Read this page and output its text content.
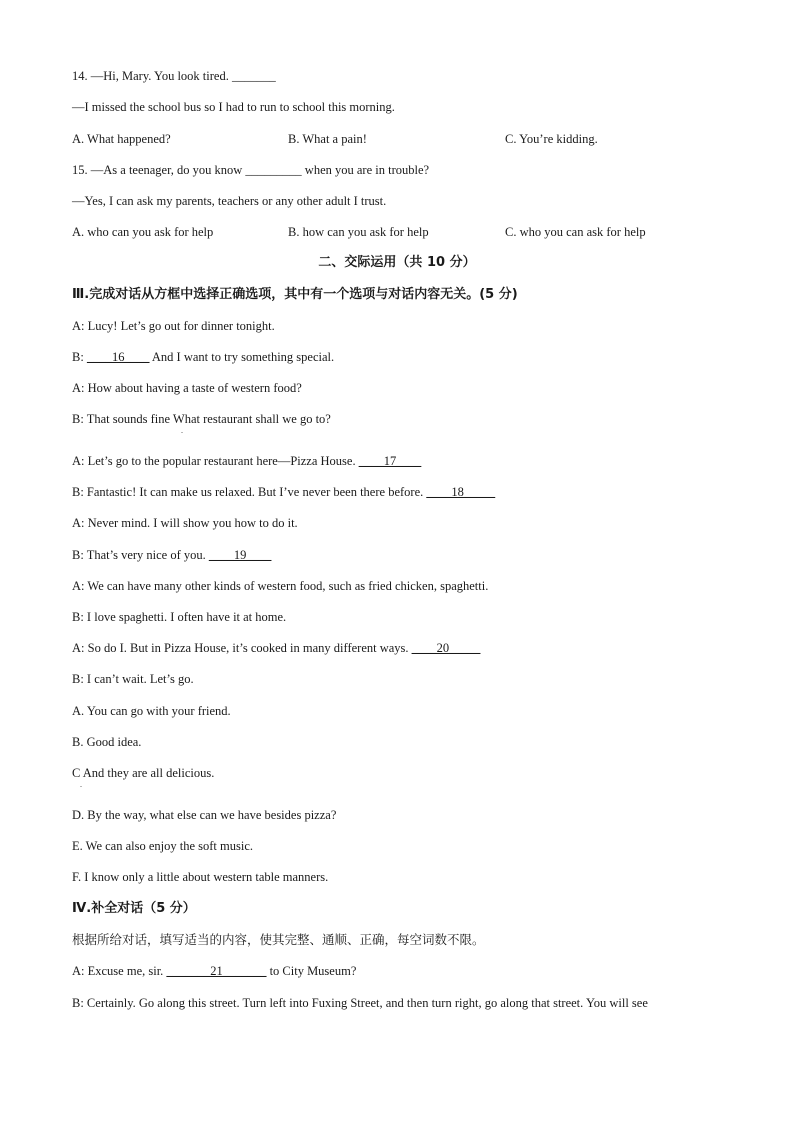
14. —Hi, Mary. You look tired. _______
—I missed the school bus so I had to run to school this morning.
A. What happened?	B. What a pain!	C. You’re kidding.
15. —As a teenager, do you know _________ when you are in trouble?
—Yes, I can ask my parents, teachers or any other adult I trust.
A. who can you ask for help	B. how can you ask for help	C. who you can ask for help
二、交际运用（共 10 分）
Ⅲ.完成对话从方框中选择正确选项，其中有一个选项与对话内容无关。(5 分)
A: Lucy! Let’s go out for dinner tonight.
B: ____16____ And I want to try something special.
A: How about having a taste of western food?
B: That sounds fine What restaurant shall we go to?
.
A: Let’s go to the popular restaurant here—Pizza House. ____17____
B: Fantastic! It can make us relaxed. But I’ve never been there before. ____18_____
A: Never mind. I will show you how to do it.
B: That’s very nice of you. ____19____
A: We can have many other kinds of western food, such as fried chicken, spaghetti.
B: I love spaghetti. I often have it at home.
A: So do I. But in Pizza House, it’s cooked in many different ways. ____20_____
B: I can’t wait. Let’s go.
A. You can go with your friend.
B. Good idea.
C And they are all delicious.
.
D. By the way, what else can we have besides pizza?
E. We can also enjoy the soft music.
F. I know only a little about western table manners.
Ⅳ.补全对话（5 分）
根据所给对话，填写适当的内容，使其完整、通顺、正确，每空词数不限。
A: Excuse me, sir. _______21_______ to City Museum?
B: Certainly. Go along this street. Turn left into Fuxing Street, and then turn right, go along that street. You will see
